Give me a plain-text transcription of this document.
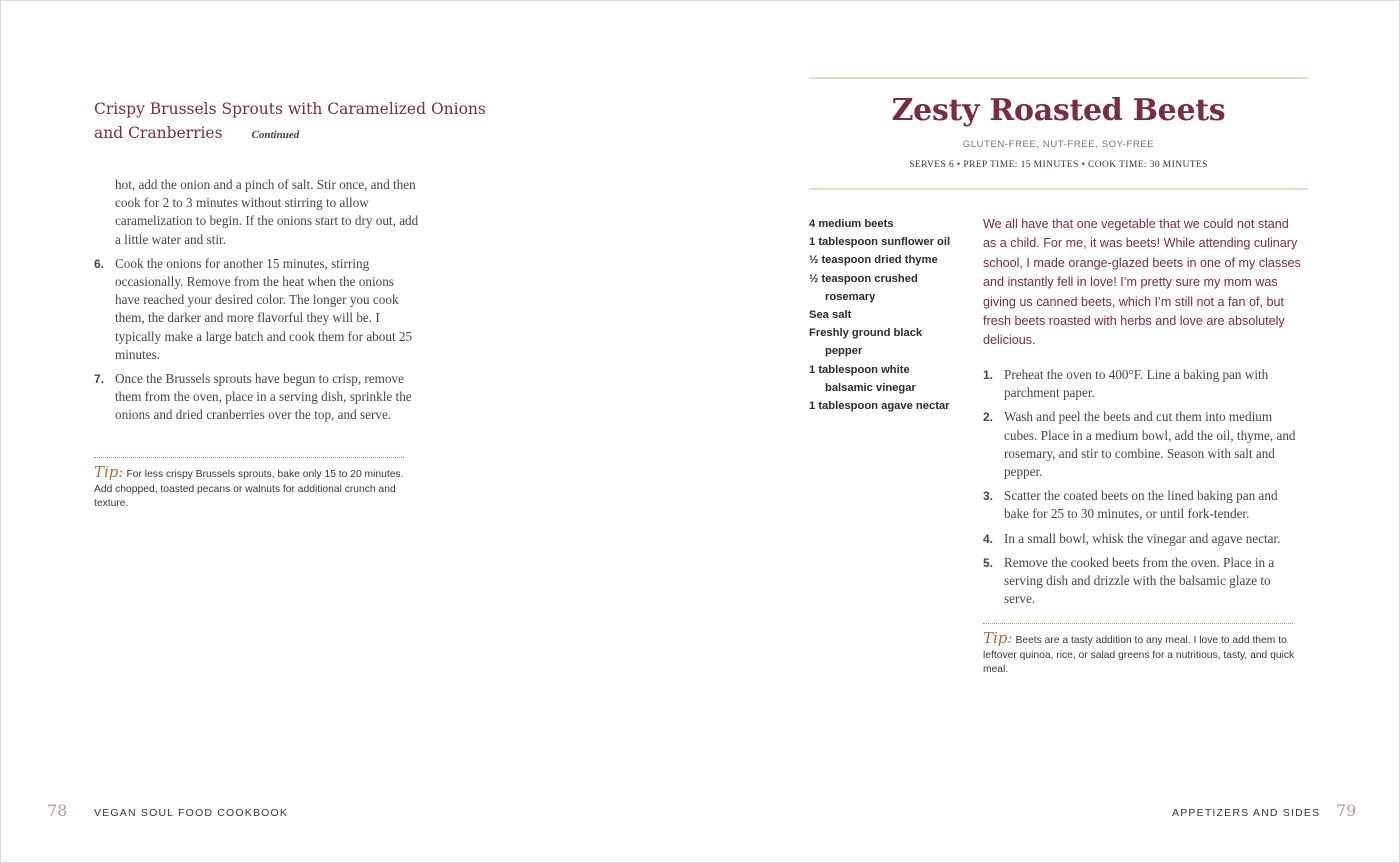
Crispy Brussels Sprouts with Caramelized Onions and Cranberries	Continued

hot, add the onion and a pinch of salt. Stir once, and then cook for 2 to 3 minutes without stirring to allow caramelization to begin. If the onions start to dry out, add a little water and stir.

6. Cook the onions for another 15 minutes, stirring occasionally. Remove from the heat when the onions have reached your desired color. The longer you cook them, the darker and more flavorful they will be. I typically make a large batch and cook them for about 25 minutes.
7. Once the Brussels sprouts have begun to crisp, remove them from the oven, place in a serving dish, sprinkle the onions and dried cranberries over the top, and serve.
Tip: For less crispy Brussels sprouts, bake only 15 to 20 minutes. Add chopped, toasted pecans or walnuts for additional crunch and texture.
78	VEGAN SOUL FOOD COOKBOOK
Zesty Roasted Beets
GLUTEN-FREE, NUT-FREE, SOY-FREE
SERVES 6 • PREP TIME: 15 MINUTES • COOK TIME: 30 MINUTES
4 medium beets
1 tablespoon sunflower oil
½ teaspoon dried thyme
½ teaspoon crushed rosemary
Sea salt
Freshly ground black pepper
1 tablespoon white balsamic vinegar
1 tablespoon agave nectar
We all have that one vegetable that we could not stand as a child. For me, it was beets! While attending culinary school, I made orange-glazed beets in one of my classes and instantly fell in love! I’m pretty sure my mom was giving us canned beets, which I’m still not a fan of, but fresh beets roasted with herbs and love are absolutely delicious.
1. Preheat the oven to 400°F. Line a baking pan with parchment paper.
2. Wash and peel the beets and cut them into medium cubes. Place in a medium bowl, add the oil, thyme, and rosemary, and stir to combine. Season with salt and pepper.
3. Scatter the coated beets on the lined baking pan and bake for 25 to 30 minutes, or until fork-tender.
4. In a small bowl, whisk the vinegar and agave nectar.
5. Remove the cooked beets from the oven. Place in a serving dish and drizzle with the balsamic glaze to serve.
Tip: Beets are a tasty addition to any meal. I love to add them to leftover quinoa, rice, or salad greens for a nutritious, tasty, and quick meal.
APPETIZERS AND SIDES 79
